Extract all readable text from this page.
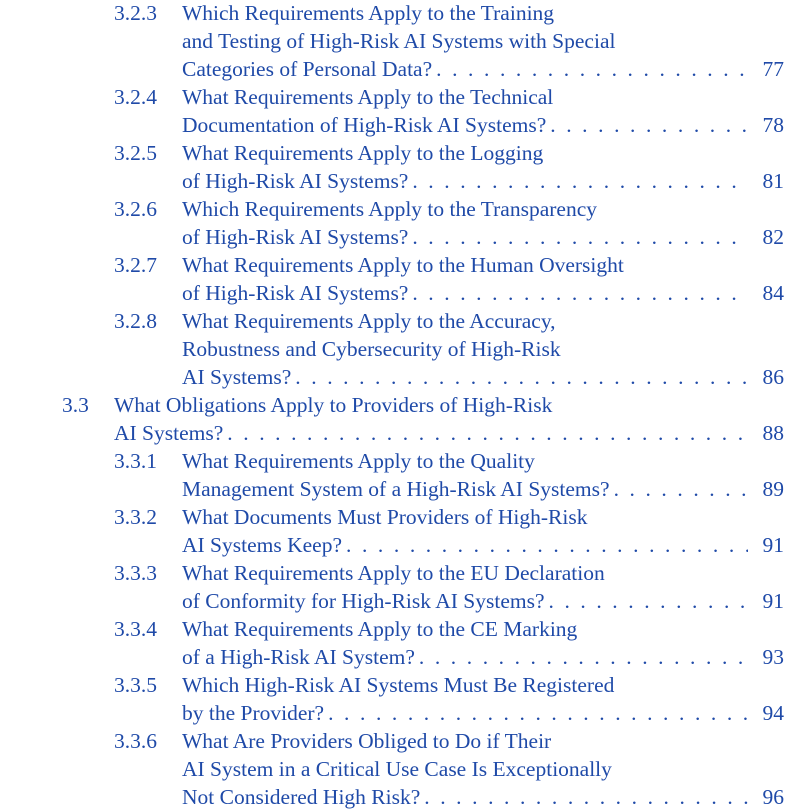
3.2.3 Which Requirements Apply to the Training
and Testing of High-Risk AI Systems with Special
Categories of Personal Data? . . .	77
3.2.4 What Requirements Apply to the Technical
Documentation of High-Risk AI Systems? . . .	78
3.2.5 What Requirements Apply to the Logging
of High-Risk AI Systems? . . .	81
3.2.6 Which Requirements Apply to the Transparency
of High-Risk AI Systems? . . .	82
3.2.7 What Requirements Apply to the Human Oversight
of High-Risk AI Systems? . . .	84
3.2.8 What Requirements Apply to the Accuracy,
Robustness and Cybersecurity of High-Risk
AI Systems? . . .	86
3.3 What Obligations Apply to Providers of High-Risk
AI Systems? . . .	88
3.3.1 What Requirements Apply to the Quality
Management System of a High-Risk AI Systems? . . .	89
3.3.2 What Documents Must Providers of High-Risk
AI Systems Keep? . . .	91
3.3.3 What Requirements Apply to the EU Declaration
of Conformity for High-Risk AI Systems? . . .	91
3.3.4 What Requirements Apply to the CE Marking
of a High-Risk AI System? . . .	93
3.3.5 Which High-Risk AI Systems Must Be Registered
by the Provider? . . .	94
3.3.6 What Are Providers Obliged to Do if Their
AI System in a Critical Use Case Is Exceptionally
Not Considered High Risk? . . .	96
